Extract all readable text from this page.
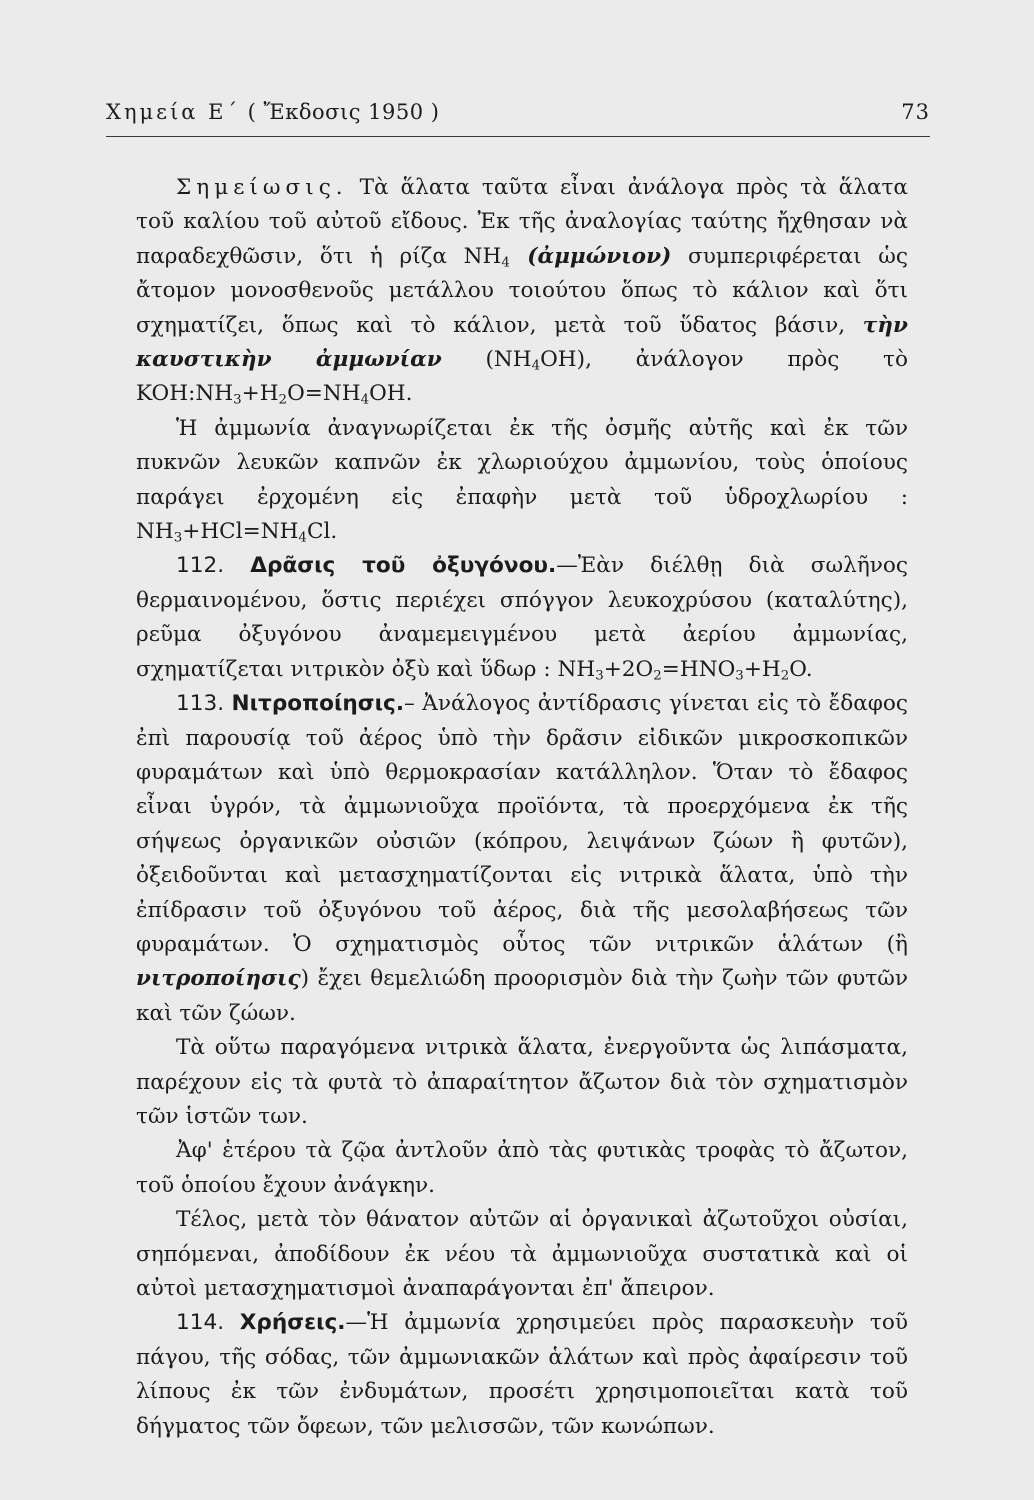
Χημεία Ε΄ ( Ἔκδοσις 1950 )	73

Σημείωσις. Τὰ ἅλατα ταῦτα εἶναι ἀνάλογα πρὸς τὰ ἅλατα τοῦ καλίου τοῦ αὐτοῦ εἴδους. Ἐκ τῆς ἀναλογίας ταύτης ἤχθησαν νὰ παραδεχθῶσιν, ὅτι ἡ ρίζα $NH_4$ (ἀμμώνιον) συμπεριφέρεται ὡς ἄτομον μονοσθενοῦς μετάλλου τοιούτου ὅπως τὸ κάλιον καὶ ὅτι σχηματίζει, ὅπως καὶ τὸ κάλιον, μετὰ τοῦ ὕδατος βάσιν, τὴν καυστικὴν ἀμμωνίαν $(NH_4OH)$, ἀνάλογον πρὸς τὸ $KOH:NH_3+H_2O=NH_4OH$.

Ἡ ἀμμωνία ἀναγνωρίζεται ἐκ τῆς ὀσμῆς αὐτῆς καὶ ἐκ τῶν πυκνῶν λευκῶν καπνῶν ἐκ χλωριούχου ἀμμωνίου, τοὺς ὁποίους παράγει ἐρχομένη εἰς ἐπαφὴν μετὰ τοῦ ὑδροχλωρίου : $NH_3+HCl=NH_4Cl$.

112. Δρᾶσις τοῦ ὀξυγόνου.—Ἐὰν διέλθῃ διὰ σωλῆνος θερμαινομένου, ὅστις περιέχει σπόγγον λευκοχρύσου (καταλύτης), ρεῦμα ὀξυγόνου ἀναμεμειγμένου μετὰ ἀερίου ἀμμωνίας, σχηματίζεται νιτρικὸν ὀξὺ καὶ ὕδωρ : $NH_3+2O_2=HNO_3+H_2O$.

113. Νιτροποίησις.– Ἀνάλογος ἀντίδρασις γίνεται εἰς τὸ ἔδαφος ἐπὶ παρουσίᾳ τοῦ ἀέρος ὑπὸ τὴν δρᾶσιν εἰδικῶν μικροσκοπικῶν φυραμάτων καὶ ὑπὸ θερμοκρασίαν κατάλληλον. Ὅταν τὸ ἔδαφος εἶναι ὑγρόν, τὰ ἀμμωνιοῦχα προϊόντα, τὰ προερχόμενα ἐκ τῆς σήψεως ὀργανικῶν οὐσιῶν (κόπρου, λειψάνων ζώων ἢ φυτῶν), ὀξειδοῦνται καὶ μετασχηματίζονται εἰς νιτρικὰ ἅλατα, ὑπὸ τὴν ἐπίδρασιν τοῦ ὀξυγόνου τοῦ ἀέρος, διὰ τῆς μεσολαβήσεως τῶν φυραμάτων. Ὁ σχηματισμὸς οὗτος τῶν νιτρικῶν ἁλάτων (ἢ νιτροποίησις) ἔχει θεμελιώδη προορισμὸν διὰ τὴν ζωὴν τῶν φυτῶν καὶ τῶν ζώων.

Τὰ οὕτω παραγόμενα νιτρικὰ ἅλατα, ἐνεργοῦντα ὡς λιπάσματα, παρέχουν εἰς τὰ φυτὰ τὸ ἀπαραίτητον ἄζωτον διὰ τὸν σχηματισμὸν τῶν ἱστῶν των.

Ἀφ' ἑτέρου τὰ ζῷα ἀντλοῦν ἀπὸ τὰς φυτικὰς τροφὰς τὸ ἄζωτον, τοῦ ὁποίου ἔχουν ἀνάγκην.

Τέλος, μετὰ τὸν θάνατον αὐτῶν αἱ ὀργανικαὶ ἀζωτοῦχοι οὐσίαι, σηπόμεναι, ἀποδίδουν ἐκ νέου τὰ ἀμμωνιοῦχα συστατικὰ καὶ οἱ αὐτοὶ μετασχηματισμοὶ ἀναπαράγονται ἐπ' ἄπειρον.

114. Χρήσεις.—Ἡ ἀμμωνία χρησιμεύει πρὸς παρασκευὴν τοῦ πάγου, τῆς σόδας, τῶν ἀμμωνιακῶν ἁλάτων καὶ πρὸς ἀφαίρεσιν τοῦ λίπους ἐκ τῶν ἐνδυμάτων, προσέτι χρησιμοποιεῖται κατὰ τοῦ δήγματος τῶν ὄφεων, τῶν μελισσῶν, τῶν κωνώπων.
